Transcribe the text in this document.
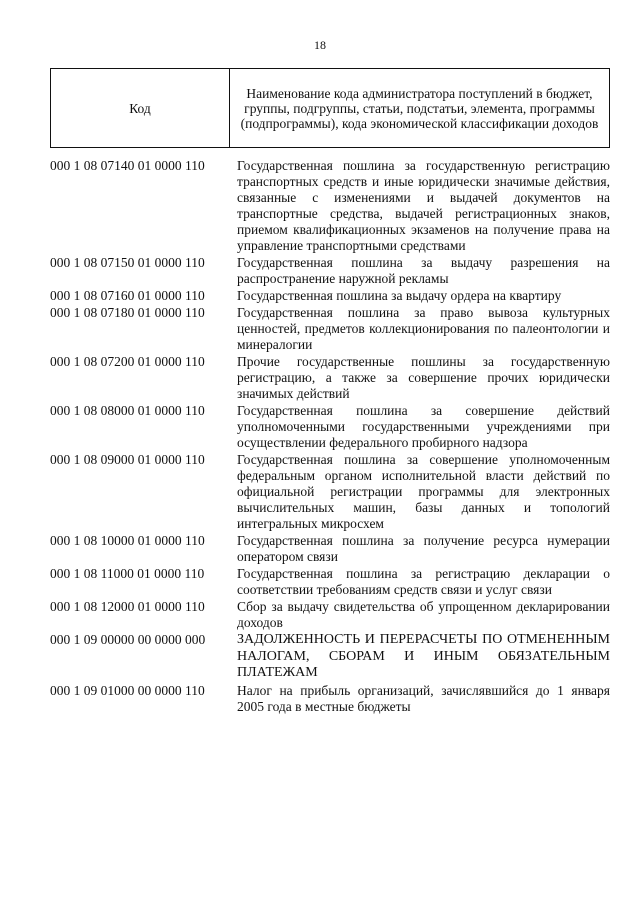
18
Код	Наименование кода администратора поступлений в бюджет, группы, подгруппы, статьи, подстатьи, элемента, программы (подпрограммы), кода экономической классификации доходов
000 1 08 07140 01 0000 110	Государственная пошлина за государственную регистрацию транспортных средств и иные юридически значимые действия, связанные с изменениями и выдачей документов на транспортные средства, выдачей регистрационных знаков, приемом квалификационных экзаменов на получение права на управление транспортными средствами
000 1 08 07150 01 0000 110	Государственная пошлина за выдачу разрешения на распространение наружной рекламы
000 1 08 07160 01 0000 110	Государственная пошлина за выдачу ордера на квартиру
000 1 08 07180 01 0000 110	Государственная пошлина за право вывоза культурных ценностей, предметов коллекционирования по палеонтологии и минералогии
000 1 08 07200 01 0000 110	Прочие государственные пошлины за государственную регистрацию, а также за совершение прочих юридически значимых действий
000 1 08 08000 01 0000 110	Государственная пошлина за совершение действий уполномоченными государственными учреждениями при осуществлении федерального пробирного надзора
000 1 08 09000 01 0000 110	Государственная пошлина за совершение уполномоченным федеральным органом исполнительной власти действий по официальной регистрации программы для электронных вычислительных машин, базы данных и топологий интегральных микросхем
000 1 08 10000 01 0000 110	Государственная пошлина за получение ресурса нумерации оператором связи
000 1 08 11000 01 0000 110	Государственная пошлина за регистрацию декларации о соответствии требованиям средств связи и услуг связи
000 1 08 12000 01 0000 110	Сбор за выдачу свидетельства об упрощенном декларировании доходов
000 1 09 00000 00 0000 000	ЗАДОЛЖЕННОСТЬ И ПЕРЕРАСЧЕТЫ ПО ОТМЕНЕННЫМ НАЛОГАМ, СБОРАМ И ИНЫМ ОБЯЗАТЕЛЬНЫМ ПЛАТЕЖАМ
000 1 09 01000 00 0000 110	Налог на прибыль организаций, зачислявшийся до 1 января 2005 года в местные бюджеты
